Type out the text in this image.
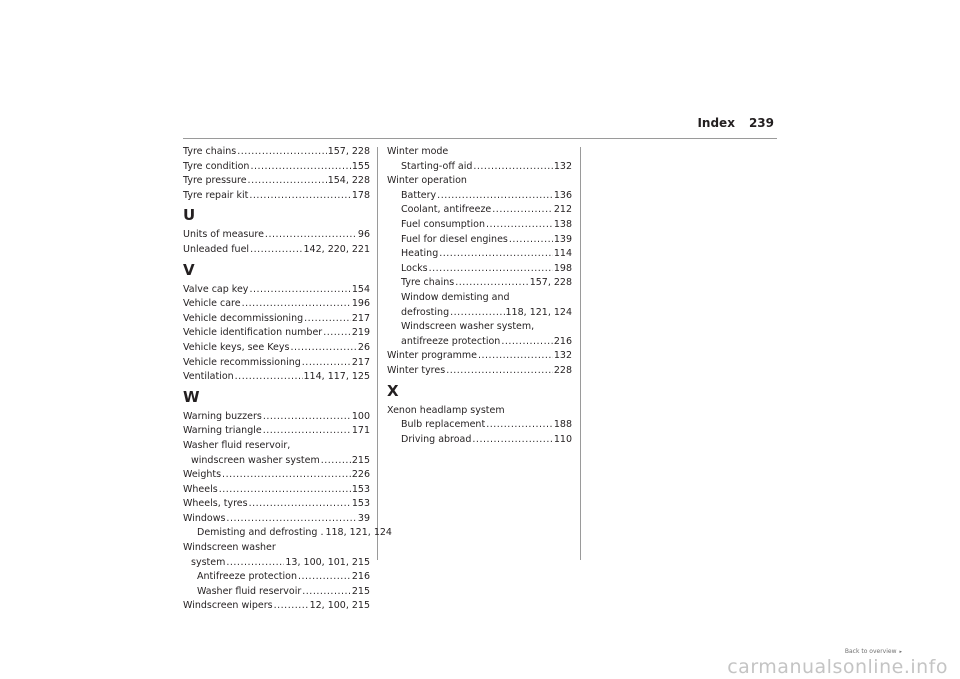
Index 239
Tyre chains .....	157, 228
Tyre condition .....	155
Tyre pressure .....	154, 228
Tyre repair kit .....	178
U
Units of measure .....	96
Unleaded fuel .....	142, 220, 221
V
Valve cap key .....	154
Vehicle care .....	196
Vehicle decommissioning .....	217
Vehicle identification number .....	219
Vehicle keys, see Keys .....	26
Vehicle recommissioning .....	217
Ventilation .....	114, 117, 125
W
Warning buzzers .....	100
Warning triangle .....	171
Washer fluid reservoir,
windscreen washer system .....	215
Weights .....	226
Wheels .....	153
Wheels, tyres .....	153
Windows .....	39
Demisting and defrosting . 118, 121, 124
Windscreen washer
system .....	13, 100, 101, 215
Antifreeze protection .....	216
Washer fluid reservoir .....	215
Windscreen wipers .....	12, 100, 215
Winter mode
Starting-off aid .....	132
Winter operation
Battery .....	136
Coolant, antifreeze .....	212
Fuel consumption .....	138
Fuel for diesel engines .....	139
Heating .....	114
Locks .....	198
Tyre chains .....	157, 228
Window demisting and
defrosting .....	118, 121, 124
Windscreen washer system,
antifreeze protection .....	216
Winter programme .....	132
Winter tyres .....	228
X
Xenon headlamp system
Bulb replacement .....	188
Driving abroad .....	110
Back to overview ▸
carmanualsonline.info
